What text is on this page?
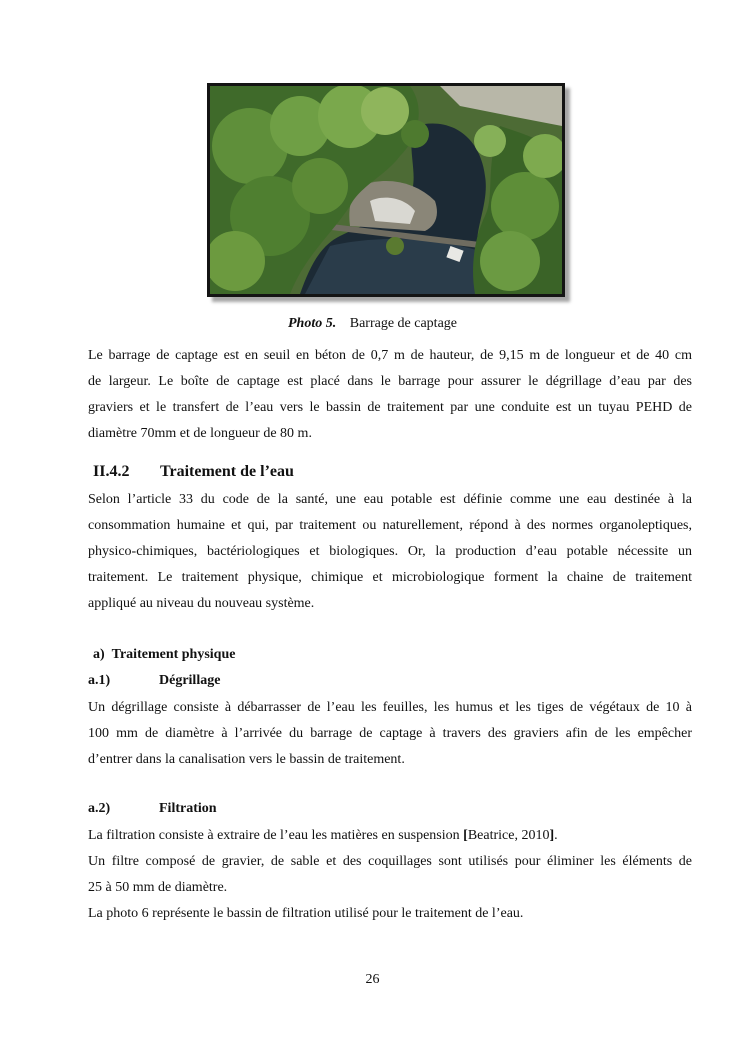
Photo 5. Barrage de captage
Le barrage de captage est en seuil en béton de 0,7 m de hauteur, de 9,15 m de longueur et de 40 cm
de largeur. Le boîte de captage est placé dans le barrage pour assurer le dégrillage d’eau par des
graviers et le transfert de l’eau vers le bassin de traitement par une conduite est un tuyau PEHD de
diamètre 70mm et de longueur de 80 m.
II.4.2 Traitement de l’eau
Selon l’article 33 du code de la santé, une eau potable est définie comme une eau destinée à la
consommation humaine et qui, par traitement ou naturellement, répond à des normes organoleptiques,
physico-chimiques, bactériologiques et biologiques. Or, la production d’eau potable nécessite un
traitement. Le traitement physique, chimique et microbiologique forment la chaine de traitement
appliqué au niveau du nouveau système.
a) Traitement physique
a.1)	Dégrillage
Un dégrillage consiste à débarrasser de l’eau les feuilles, les humus et les tiges de végétaux de 10 à
100 mm de diamètre à l’arrivée du barrage de captage à travers des graviers afin de les empêcher
d’entrer dans la canalisation vers le bassin de traitement.
a.2)	Filtration
La filtration consiste à extraire de l’eau les matières en suspension [Beatrice, 2010].
Un filtre composé de gravier, de sable et des coquillages sont utilisés pour éliminer les éléments de
25 à 50 mm de diamètre.
La photo 6 représente le bassin de filtration utilisé pour le traitement de l’eau.
26
